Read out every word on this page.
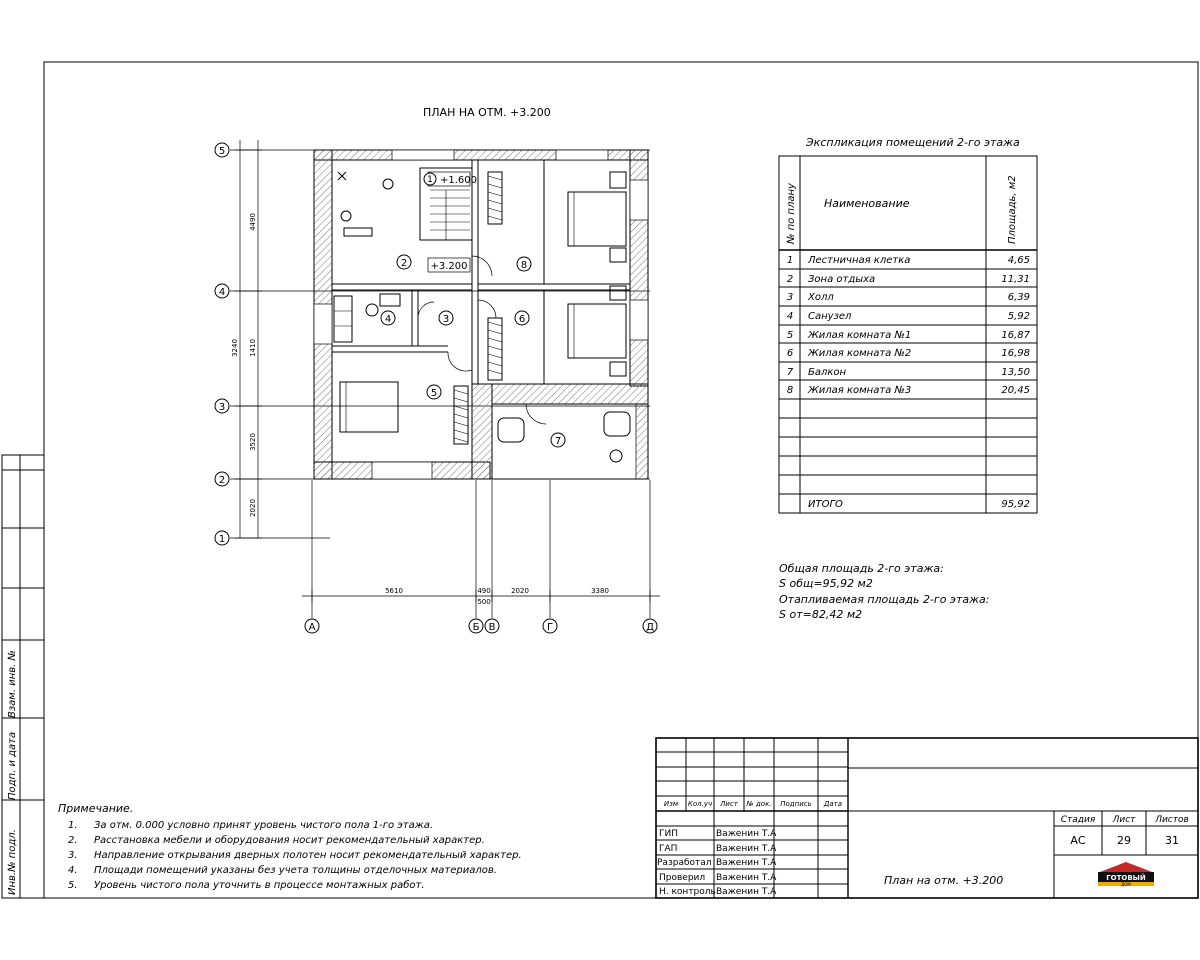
Взам. инв. №
Подп. и дата
Инв.№ подл.
ПЛАН НА ОТМ. +3.200
5
4
3
2
1
А	Б В	Г	Д
4490
3240 1410
3520
2020
5610	490	2020	3380
500
1 +1.600
+3.200
2
3
4
5
6
7
8
Экспликация помещений 2-го этажа
№ по плану Наименование	Площадь, м2
1 Лестничная клетка	4,65
2 Зона отдыха	11,31
3 Холл	6,39
4 Санузел	5,92
5 Жилая комната №1	16,87
6 Жилая комната №2	16,98
7 Балкон	13,50
8 Жилая комната №3	20,45
ИТОГО	95,92
Общая площадь 2-го этажа:
S общ=95,92 м2
Отапливаемая площадь 2-го этажа:
S от=82,42 м2
Примечание.
1. За отм. 0.000 условно принят уровень чистого пола 1-го этажа.
2. Расстановка мебели и оборудования носит рекомендательный характер.
3. Направление открывания дверных полотен носит рекомендательный характер.
4. Площади помещений указаны без учета толщины отделочных материалов.
5. Уровень чистого пола уточнить в процессе монтажных работ.
Изм Кол.уч Лист № док. Подпись Дата
ГИП	Важенин Т.А
ГАП	Важенин Т.А
Разработал Важенин Т.А
Проверил Важенин Т.А
Н. контроль Важенин Т.А
Стадия Лист Листов
АС	29	31
План на отм. +3.200	ГОТОВЫЙ
ДОМ
